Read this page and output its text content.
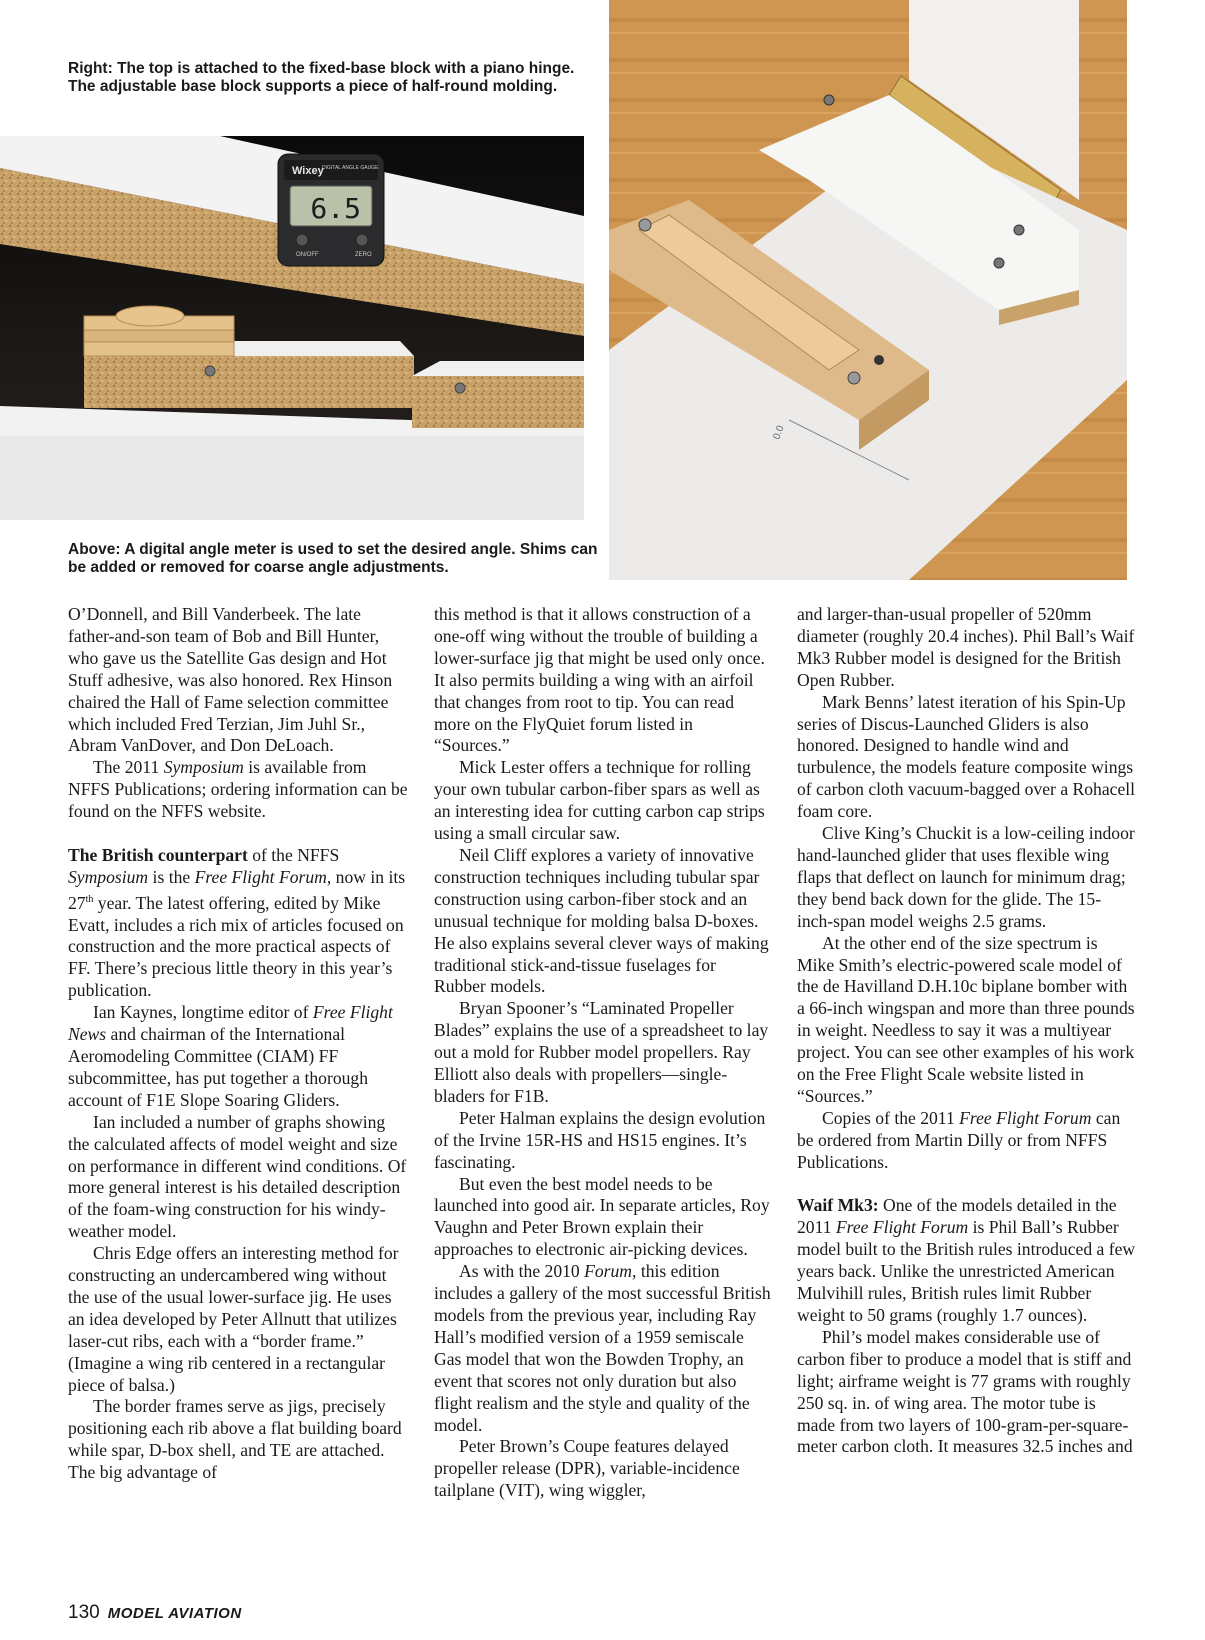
Right: The top is attached to the fixed-base block with a piano hinge. The adjustable base block supports a piece of half-round molding.
Wixey
DIGITAL ANGLE GAUGE
6.5
ON/OFF	ZERO
Above: A digital angle meter is used to set the desired angle. Shims can be added or removed for coarse angle adjustments.
0.0

O’Donnell, and Bill Vanderbeek. The late father-and-son team of Bob and Bill Hunter, who gave us the Satellite Gas design and Hot Stuff adhesive, was also honored. Rex Hinson chaired the Hall of Fame selection committee which included Fred Terzian, Jim Juhl Sr., Abram VanDover, and Don DeLoach.

The 2011 Symposium is available from NFFS Publications; ordering information can be found on the NFFS website.

The British counterpart of the NFFS Symposium is the Free Flight Forum, now in its 27th year. The latest offering, edited by Mike Evatt, includes a rich mix of articles focused on construction and the more practical aspects of FF. There’s precious little theory in this year’s publication.

Ian Kaynes, longtime editor of Free Flight News and chairman of the International Aeromodeling Committee (CIAM) FF subcommittee, has put together a thorough account of F1E Slope Soaring Gliders.

Ian included a number of graphs showing the calculated affects of model weight and size on performance in different wind conditions. Of more general interest is his detailed description of the foam-wing construction for his windy-weather model.

Chris Edge offers an interesting method for constructing an undercambered wing without the use of the usual lower-surface jig. He uses an idea developed by Peter Allnutt that utilizes laser-cut ribs, each with a “border frame.” (Imagine a wing rib centered in a rectangular piece of balsa.)

The border frames serve as jigs, precisely positioning each rib above a flat building board while spar, D-box shell, and TE are attached. The big advantage of

this method is that it allows construction of a one-off wing without the trouble of building a lower-surface jig that might be used only once. It also permits building a wing with an airfoil that changes from root to tip. You can read more on the FlyQuiet forum listed in “Sources.”

Mick Lester offers a technique for rolling your own tubular carbon-fiber spars as well as an interesting idea for cutting carbon cap strips using a small circular saw.

Neil Cliff explores a variety of innovative construction techniques including tubular spar construction using carbon-fiber stock and an unusual technique for molding balsa D-boxes. He also explains several clever ways of making traditional stick-and-tissue fuselages for Rubber models.

Bryan Spooner’s “Laminated Propeller Blades” explains the use of a spreadsheet to lay out a mold for Rubber model propellers. Ray Elliott also deals with propellers—single-bladers for F1B.

Peter Halman explains the design evolution of the Irvine 15R-HS and HS15 engines. It’s fascinating.

But even the best model needs to be launched into good air. In separate articles, Roy Vaughn and Peter Brown explain their approaches to electronic air-picking devices.

As with the 2010 Forum, this edition includes a gallery of the most successful British models from the previous year, including Ray Hall’s modified version of a 1959 semiscale Gas model that won the Bowden Trophy, an event that scores not only duration but also flight realism and the style and quality of the model.

Peter Brown’s Coupe features delayed propeller release (DPR), variable-incidence tailplane (VIT), wing wiggler,

and larger-than-usual propeller of 520mm diameter (roughly 20.4 inches). Phil Ball’s Waif Mk3 Rubber model is designed for the British Open Rubber.

Mark Benns’ latest iteration of his Spin-Up series of Discus-Launched Gliders is also honored. Designed to handle wind and turbulence, the models feature composite wings of carbon cloth vacuum-bagged over a Rohacell foam core.

Clive King’s Chuckit is a low-ceiling indoor hand-launched glider that uses flexible wing flaps that deflect on launch for minimum drag; they bend back down for the glide. The 15-inch-span model weighs 2.5 grams.

At the other end of the size spectrum is Mike Smith’s electric-powered scale model of the de Havilland D.H.10c biplane bomber with a 66-inch wingspan and more than three pounds in weight. Needless to say it was a multiyear project. You can see other examples of his work on the Free Flight Scale website listed in “Sources.”

Copies of the 2011 Free Flight Forum can be ordered from Martin Dilly or from NFFS Publications.

Waif Mk3: One of the models detailed in the 2011 Free Flight Forum is Phil Ball’s Rubber model built to the British rules introduced a few years back. Unlike the unrestricted American Mulvihill rules, British rules limit Rubber weight to 50 grams (roughly 1.7 ounces).

Phil’s model makes considerable use of carbon fiber to produce a model that is stiff and light; airframe weight is 77 grams with roughly 250 sq. in. of wing area. The motor tube is made from two layers of 100-gram-per-square-meter carbon cloth. It measures 32.5 inches and

130 MODEL AVIATION
